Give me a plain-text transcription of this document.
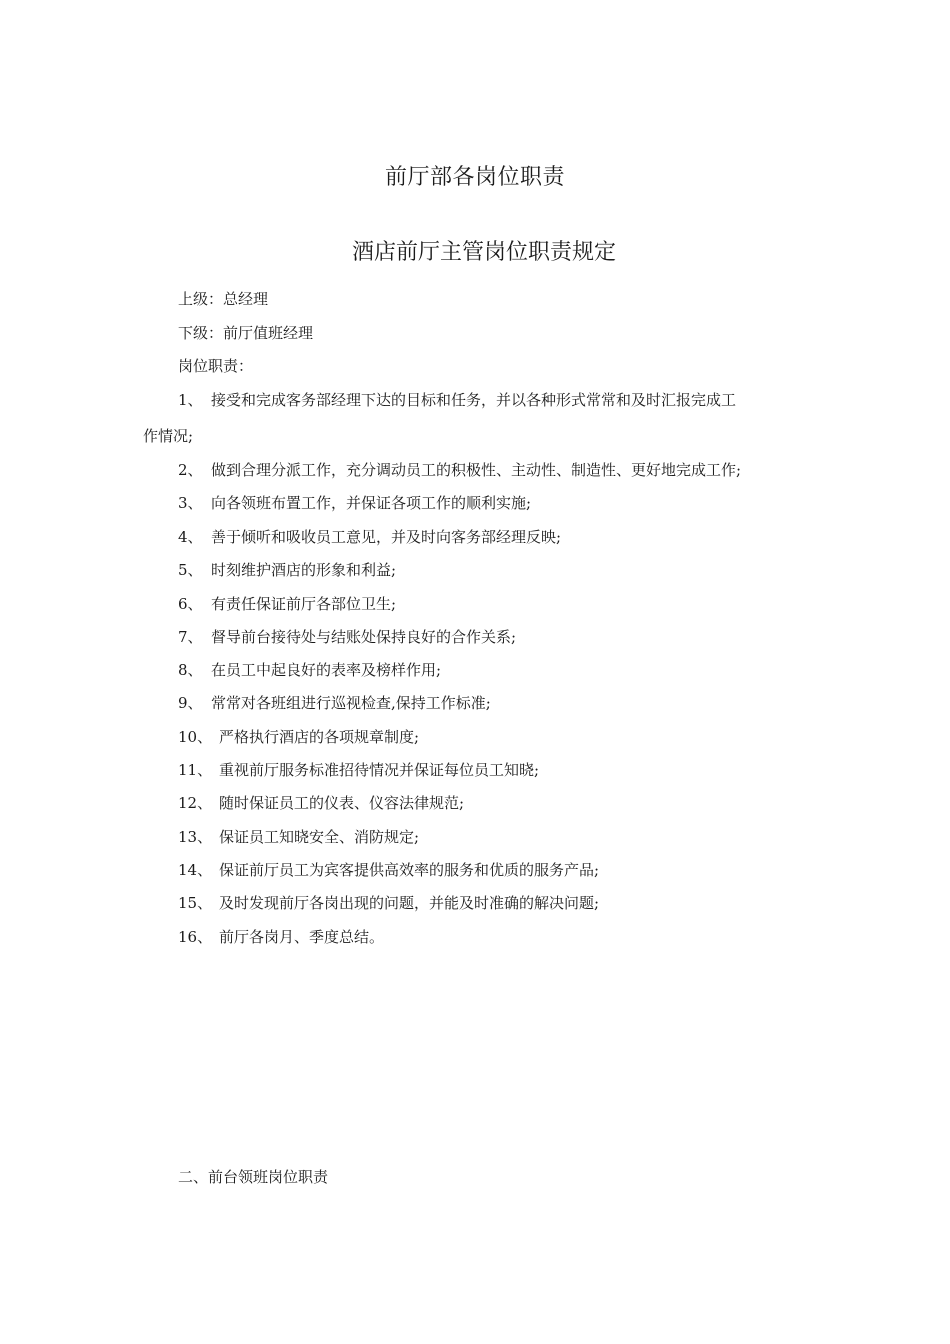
前厅部各岗位职责
酒店前厅主管岗位职责规定
上级：总经理
下级：前厅值班经理
岗位职责：
1、 接受和完成客务部经理下达的目标和任务，并以各种形式常常和及时汇报完成工
作情况;
2、 做到合理分派工作，充分调动员工的积极性、主动性、制造性、更好地完成工作;
3、 向各领班布置工作，并保证各项工作的顺利实施;
4、 善于倾听和吸收员工意见，并及时向客务部经理反映;
5、 时刻维护酒店的形象和利益;
6、 有责任保证前厅各部位卫生;
7、 督导前台接待处与结账处保持良好的合作关系;
8、 在员工中起良好的表率及榜样作用;
9、 常常对各班组进行巡视检查,保持工作标准;
10、 严格执行酒店的各项规章制度;
11、 重视前厅服务标准招待情况并保证每位员工知晓;
12、 随时保证员工的仪表、仪容法律规范;
13、 保证员工知晓安全、消防规定;
14、 保证前厅员工为宾客提供高效率的服务和优质的服务产品;
15、 及时发现前厅各岗出现的问题，并能及时准确的解决问题;
16、 前厅各岗月、季度总结。
二、前台领班岗位职责
